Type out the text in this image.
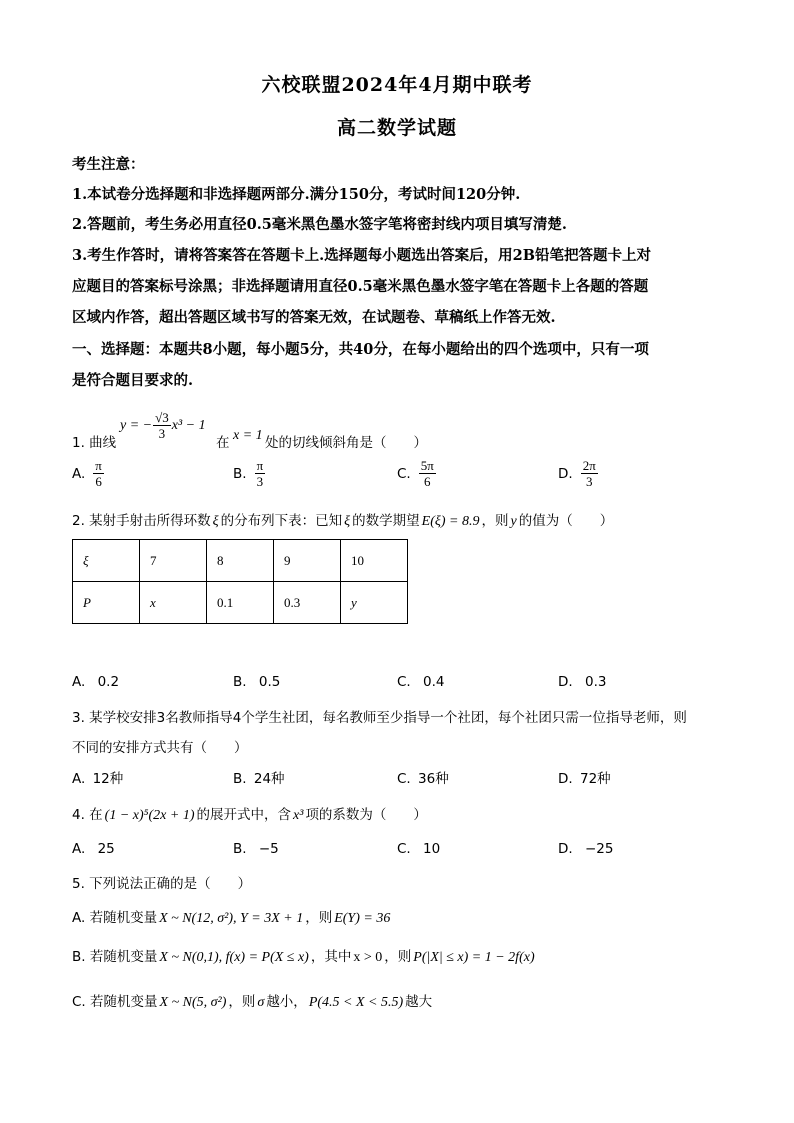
六校联盟2024年4月期中联考
高二数学试题
考生注意：
1.本试卷分选择题和非选择题两部分.满分150分，考试时间120分钟.
2.答题前，考生务必用直径0.5毫米黑色墨水签字笔将密封线内项目填写清楚.
3.考生作答时，请将答案答在答题卡上.选择题每小题选出答案后，用2B铅笔把答题卡上对
应题目的答案标号涂黑；非选择题请用直径0.5毫米黑色墨水签字笔在答题卡上各题的答题
区域内作答，超出答题区域书写的答案无效，在试题卷、草稿纸上作答无效.
一、选择题：本题共8小题，每小题5分，共40分，在每小题给出的四个选项中，只有一项
是符合题目要求的.
1. 曲线
y = − $\frac{√3}{3} x^3 - 1$
在 x = 1 处的切线倾斜角是（　　）
A. $\frac{\pi}{6}$	B. $\frac{\pi}{3}$	C. $\frac{5\pi}{6}$	D. $\frac{2\pi}{3}$
2. 某射手射击所得环数 ξ 的分布列下表：已知 ξ 的数学期望 E(ξ) = 8.9 ，则 y 的值为（　　）
ξ	7	8	9	10
P	x	0.1	0.3	y
A. 0.2	B. 0.5	C. 0.4	D. 0.3
3. 某学校安排3名教师指导4个学生社团，每名教师至少指导一个社团，每个社团只需一位指导老师，则
不同的安排方式共有（　　）
A. 12种	B. 24种	C. 36种	D. 72种
4. 在 (1 − x)⁵(2x + 1) 的展开式中，含 x³ 项的系数为（　　）
A. 25	B. −5	C. 10	D. −25
5. 下列说法正确的是（　　）
A. 若随机变量 X ~ N(12, σ²), Y = 3X + 1 ，则 E(Y) = 36
B. 若随机变量 X ~ N(0,1), f(x) = P(X ≤ x) ，其中 x > 0 ，则 P(|X| ≤ x) = 1 − 2f(x)
C. 若随机变量 X ~ N(5, σ²) ，则 σ 越小， P(4.5 < X < 5.5) 越大
